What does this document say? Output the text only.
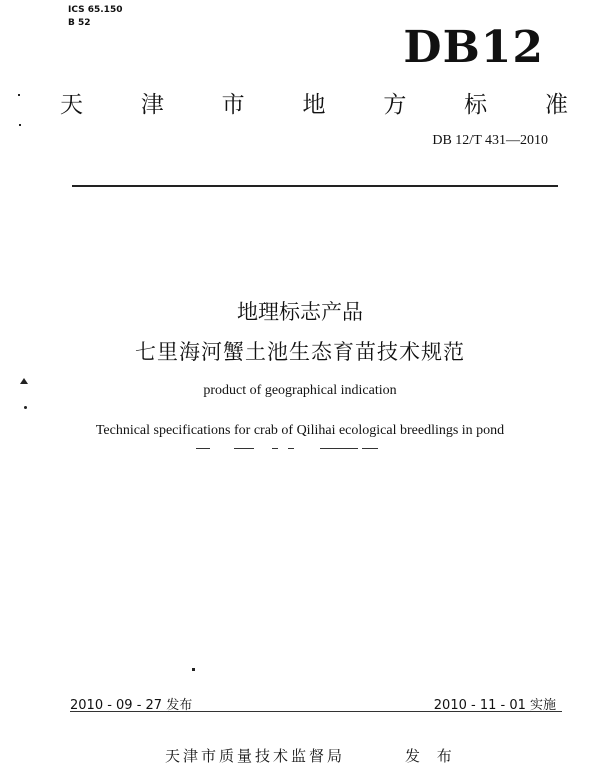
ICS 65.150
B 52	DB12
天	津	市	地	方	标	准
DB 12/T 431—2010
地理标志产品
七里海河蟹土池生态育苗技术规范
product of geographical indication
Technical specifications for crab of Qilihai ecological breedlings in pond
2010 - 09 - 27 发布	2010 - 11 - 01 实施
天津市质量技术监督局	发 布
